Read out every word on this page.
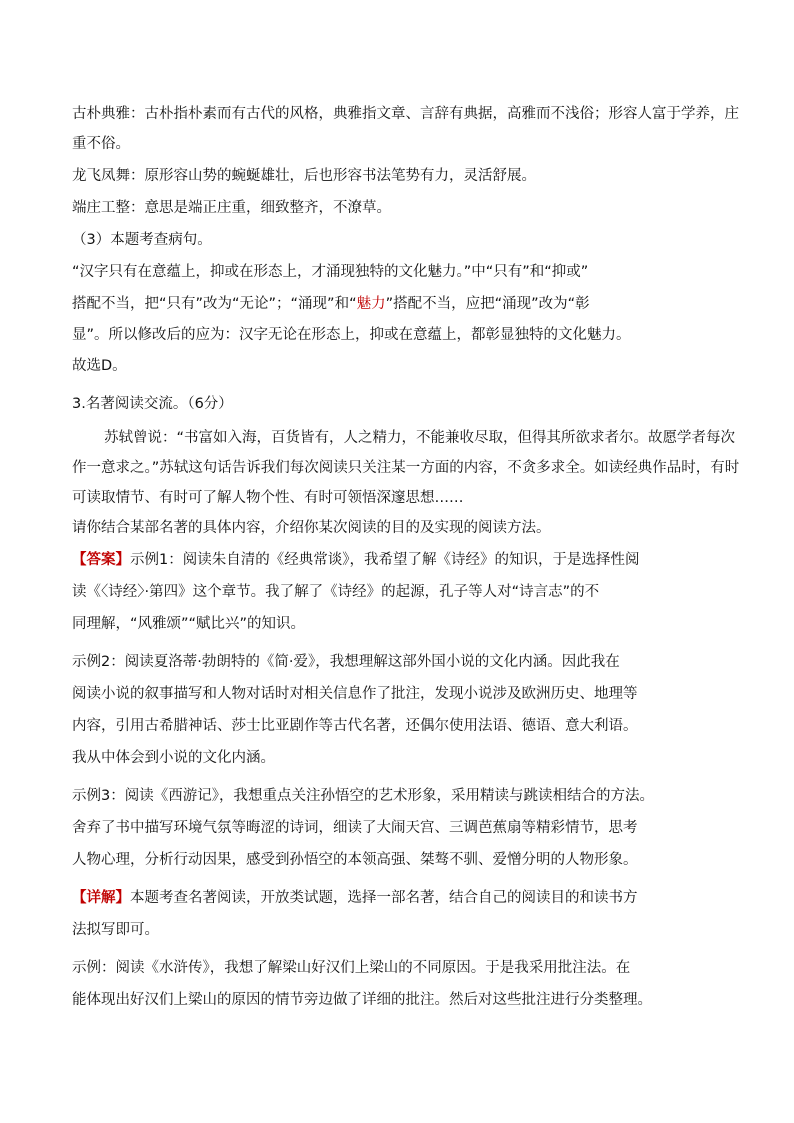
古朴典雅：古朴指朴素而有古代的风格，典雅指文章、言辞有典据，高雅而不浅俗；形容人富于学养，庄
重不俗。
龙飞凤舞：原形容山势的蜿蜒雄壮，后也形容书法笔势有力，灵活舒展。
端庄工整：意思是端正庄重，细致整齐，不潦草。
（3）本题考查病句。
“汉字只有在意蕴上，抑或在形态上，才涌现独特的文化魅力。”中“只有”和“抑或”
搭配不当，把“只有”改为“无论”；“涌现”和“魅力”搭配不当，应把“涌现”改为“彰
显”。所以修改后的应为：汉字无论在形态上，抑或在意蕴上，都彰显独特的文化魅力。
故选D。
3.名著阅读交流。（6分）
苏轼曾说：“书富如入海，百货皆有，人之精力，不能兼收尽取，但得其所欲求者尔。故愿学者每次
作一意求之。”苏轼这句话告诉我们每次阅读只关注某一方面的内容，不贪多求全。如读经典作品时，有时
可读取情节、有时可了解人物个性、有时可领悟深邃思想……
请你结合某部名著的具体内容，介绍你某次阅读的目的及实现的阅读方法。
【答案】示例1：阅读朱自清的《经典常谈》，我希望了解《诗经》的知识，于是选择性阅
读《〈诗经〉·第四》这个章节。我了解了《诗经》的起源，孔子等人对“诗言志”的不
同理解，“风雅颂”“赋比兴”的知识。
示例2：阅读夏洛蒂·勃朗特的《简·爱》，我想理解这部外国小说的文化内涵。因此我在
阅读小说的叙事描写和人物对话时对相关信息作了批注，发现小说涉及欧洲历史、地理等
内容，引用古希腊神话、莎士比亚剧作等古代名著，还偶尔使用法语、德语、意大利语。
我从中体会到小说的文化内涵。
示例3：阅读《西游记》，我想重点关注孙悟空的艺术形象，采用精读与跳读相结合的方法。
舍弃了书中描写环境气氛等晦涩的诗词，细读了大闹天宫、三调芭蕉扇等精彩情节，思考
人物心理，分析行动因果，感受到孙悟空的本领高强、桀骜不驯、爱憎分明的人物形象。
【详解】本题考查名著阅读，开放类试题，选择一部名著，结合自己的阅读目的和读书方
法拟写即可。
示例：阅读《水浒传》，我想了解梁山好汉们上梁山的不同原因。于是我采用批注法。在
能体现出好汉们上梁山的原因的情节旁边做了详细的批注。然后对这些批注进行分类整理。
